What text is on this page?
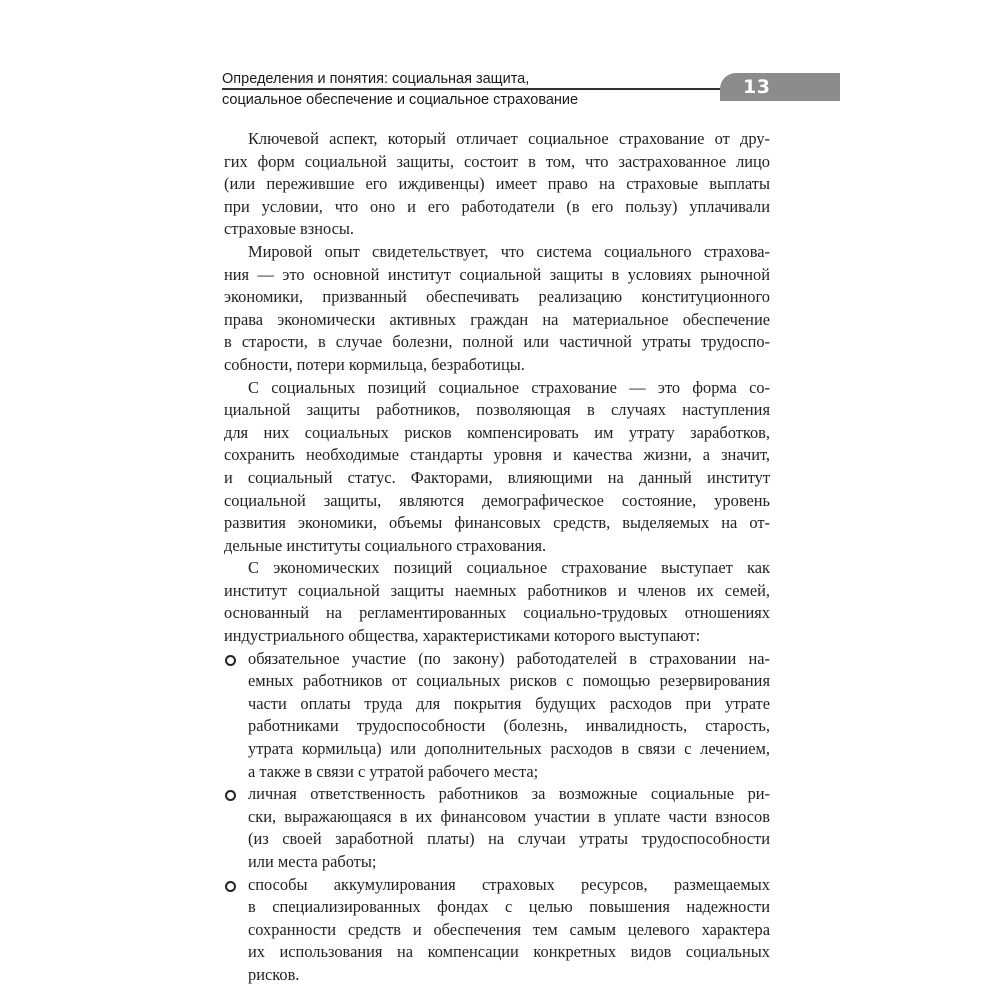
Определения и понятия: социальная защита,
социальное обеспечение и социальное страхование
13
Ключевой аспект, который отличает социальное страхование от дру-
гих форм социальной защиты, состоит в том, что застрахованное лицо
(или пережившие его иждивенцы) имеет право на страховые выплаты
при условии, что оно и его работодатели (в его пользу) уплачивали
страховые взносы.
Мировой опыт свидетельствует, что система социального страхова-
ния — это основной институт социальной защиты в условиях рыночной
экономики, призванный обеспечивать реализацию конституционного
права экономически активных граждан на материальное обеспечение
в старости, в случае болезни, полной или частичной утраты трудоспо-
собности, потери кормильца, безработицы.
С социальных позиций социальное страхование — это форма со-
циальной защиты работников, позволяющая в случаях наступления
для них социальных рисков компенсировать им утрату заработков,
сохранить необходимые стандарты уровня и качества жизни, а значит,
и социальный статус. Факторами, влияющими на данный институт
социальной защиты, являются демографическое состояние, уровень
развития экономики, объемы финансовых средств, выделяемых на от-
дельные институты социального страхования.
С экономических позиций социальное страхование выступает как
институт социальной защиты наемных работников и членов их семей,
основанный на регламентированных социально-трудовых отношениях
индустриального общества, характеристиками которого выступают:
обязательное участие (по закону) работодателей в страховании на-
емных работников от социальных рисков с помощью резервирования
части оплаты труда для покрытия будущих расходов при утрате
работниками трудоспособности (болезнь, инвалидность, старость,
утрата кормильца) или дополнительных расходов в связи с лечением,
а также в связи с утратой рабочего места;
личная ответственность работников за возможные социальные ри-
ски, выражающаяся в их финансовом участии в уплате части взносов
(из своей заработной платы) на случаи утраты трудоспособности
или места работы;
способы аккумулирования страховых ресурсов, размещаемых
в специализированных фондах с целью повышения надежности
сохранности средств и обеспечения тем самым целевого характера
их использования на компенсации конкретных видов социальных
рисков.
